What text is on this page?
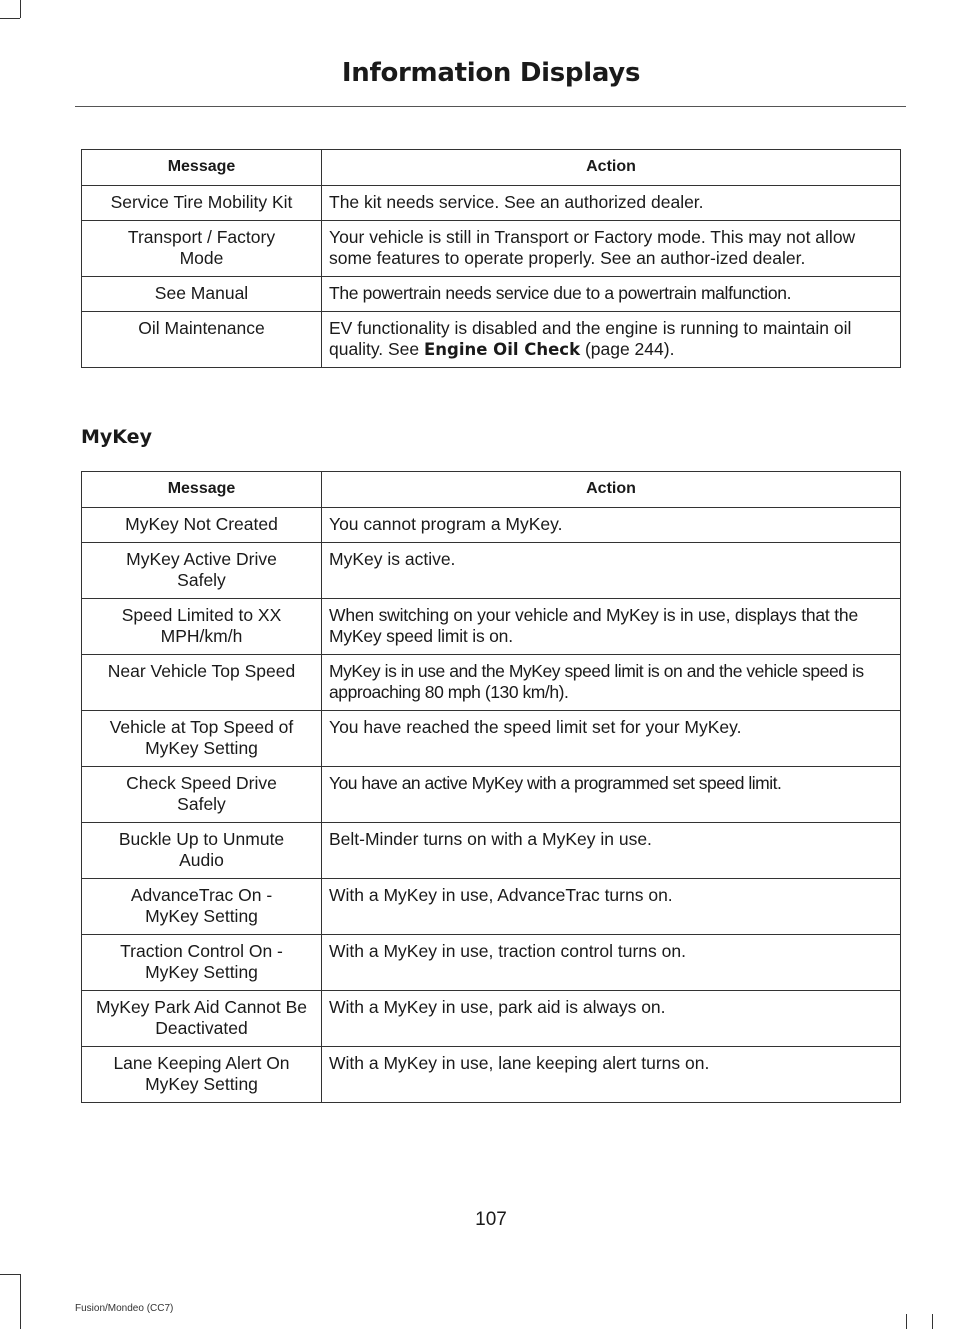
Information Displays
Message	Action
Service Tire Mobility Kit	The kit needs service. See an authorized dealer.
Transport / Factory Mode	Your vehicle is still in Transport or Factory mode. This may not allow some features to operate properly. See an author-ized dealer.
See Manual	The powertrain needs service due to a powertrain malfunction.
Oil Maintenance	EV functionality is disabled and the engine is running to maintain oil quality. See Engine Oil Check (page 244).
MyKey
Message	Action
MyKey Not Created	You cannot program a MyKey.
MyKey Active Drive Safely	MyKey is active.
Speed Limited to XX MPH/km/h	When switching on your vehicle and MyKey is in use, displays that the MyKey speed limit is on.
Near Vehicle Top Speed	MyKey is in use and the MyKey speed limit is on and the vehicle speed is approaching 80 mph (130 km/h).
Vehicle at Top Speed of MyKey Setting	You have reached the speed limit set for your MyKey.
Check Speed Drive Safely	You have an active MyKey with a programmed set speed limit.
Buckle Up to Unmute Audio	Belt-Minder turns on with a MyKey in use.
AdvanceTrac On - MyKey Setting	With a MyKey in use, AdvanceTrac turns on.
Traction Control On - MyKey Setting	With a MyKey in use, traction control turns on.
MyKey Park Aid Cannot Be Deactivated	With a MyKey in use, park aid is always on.
Lane Keeping Alert On MyKey Setting	With a MyKey in use, lane keeping alert turns on.
107
Fusion/Mondeo (CC7)
